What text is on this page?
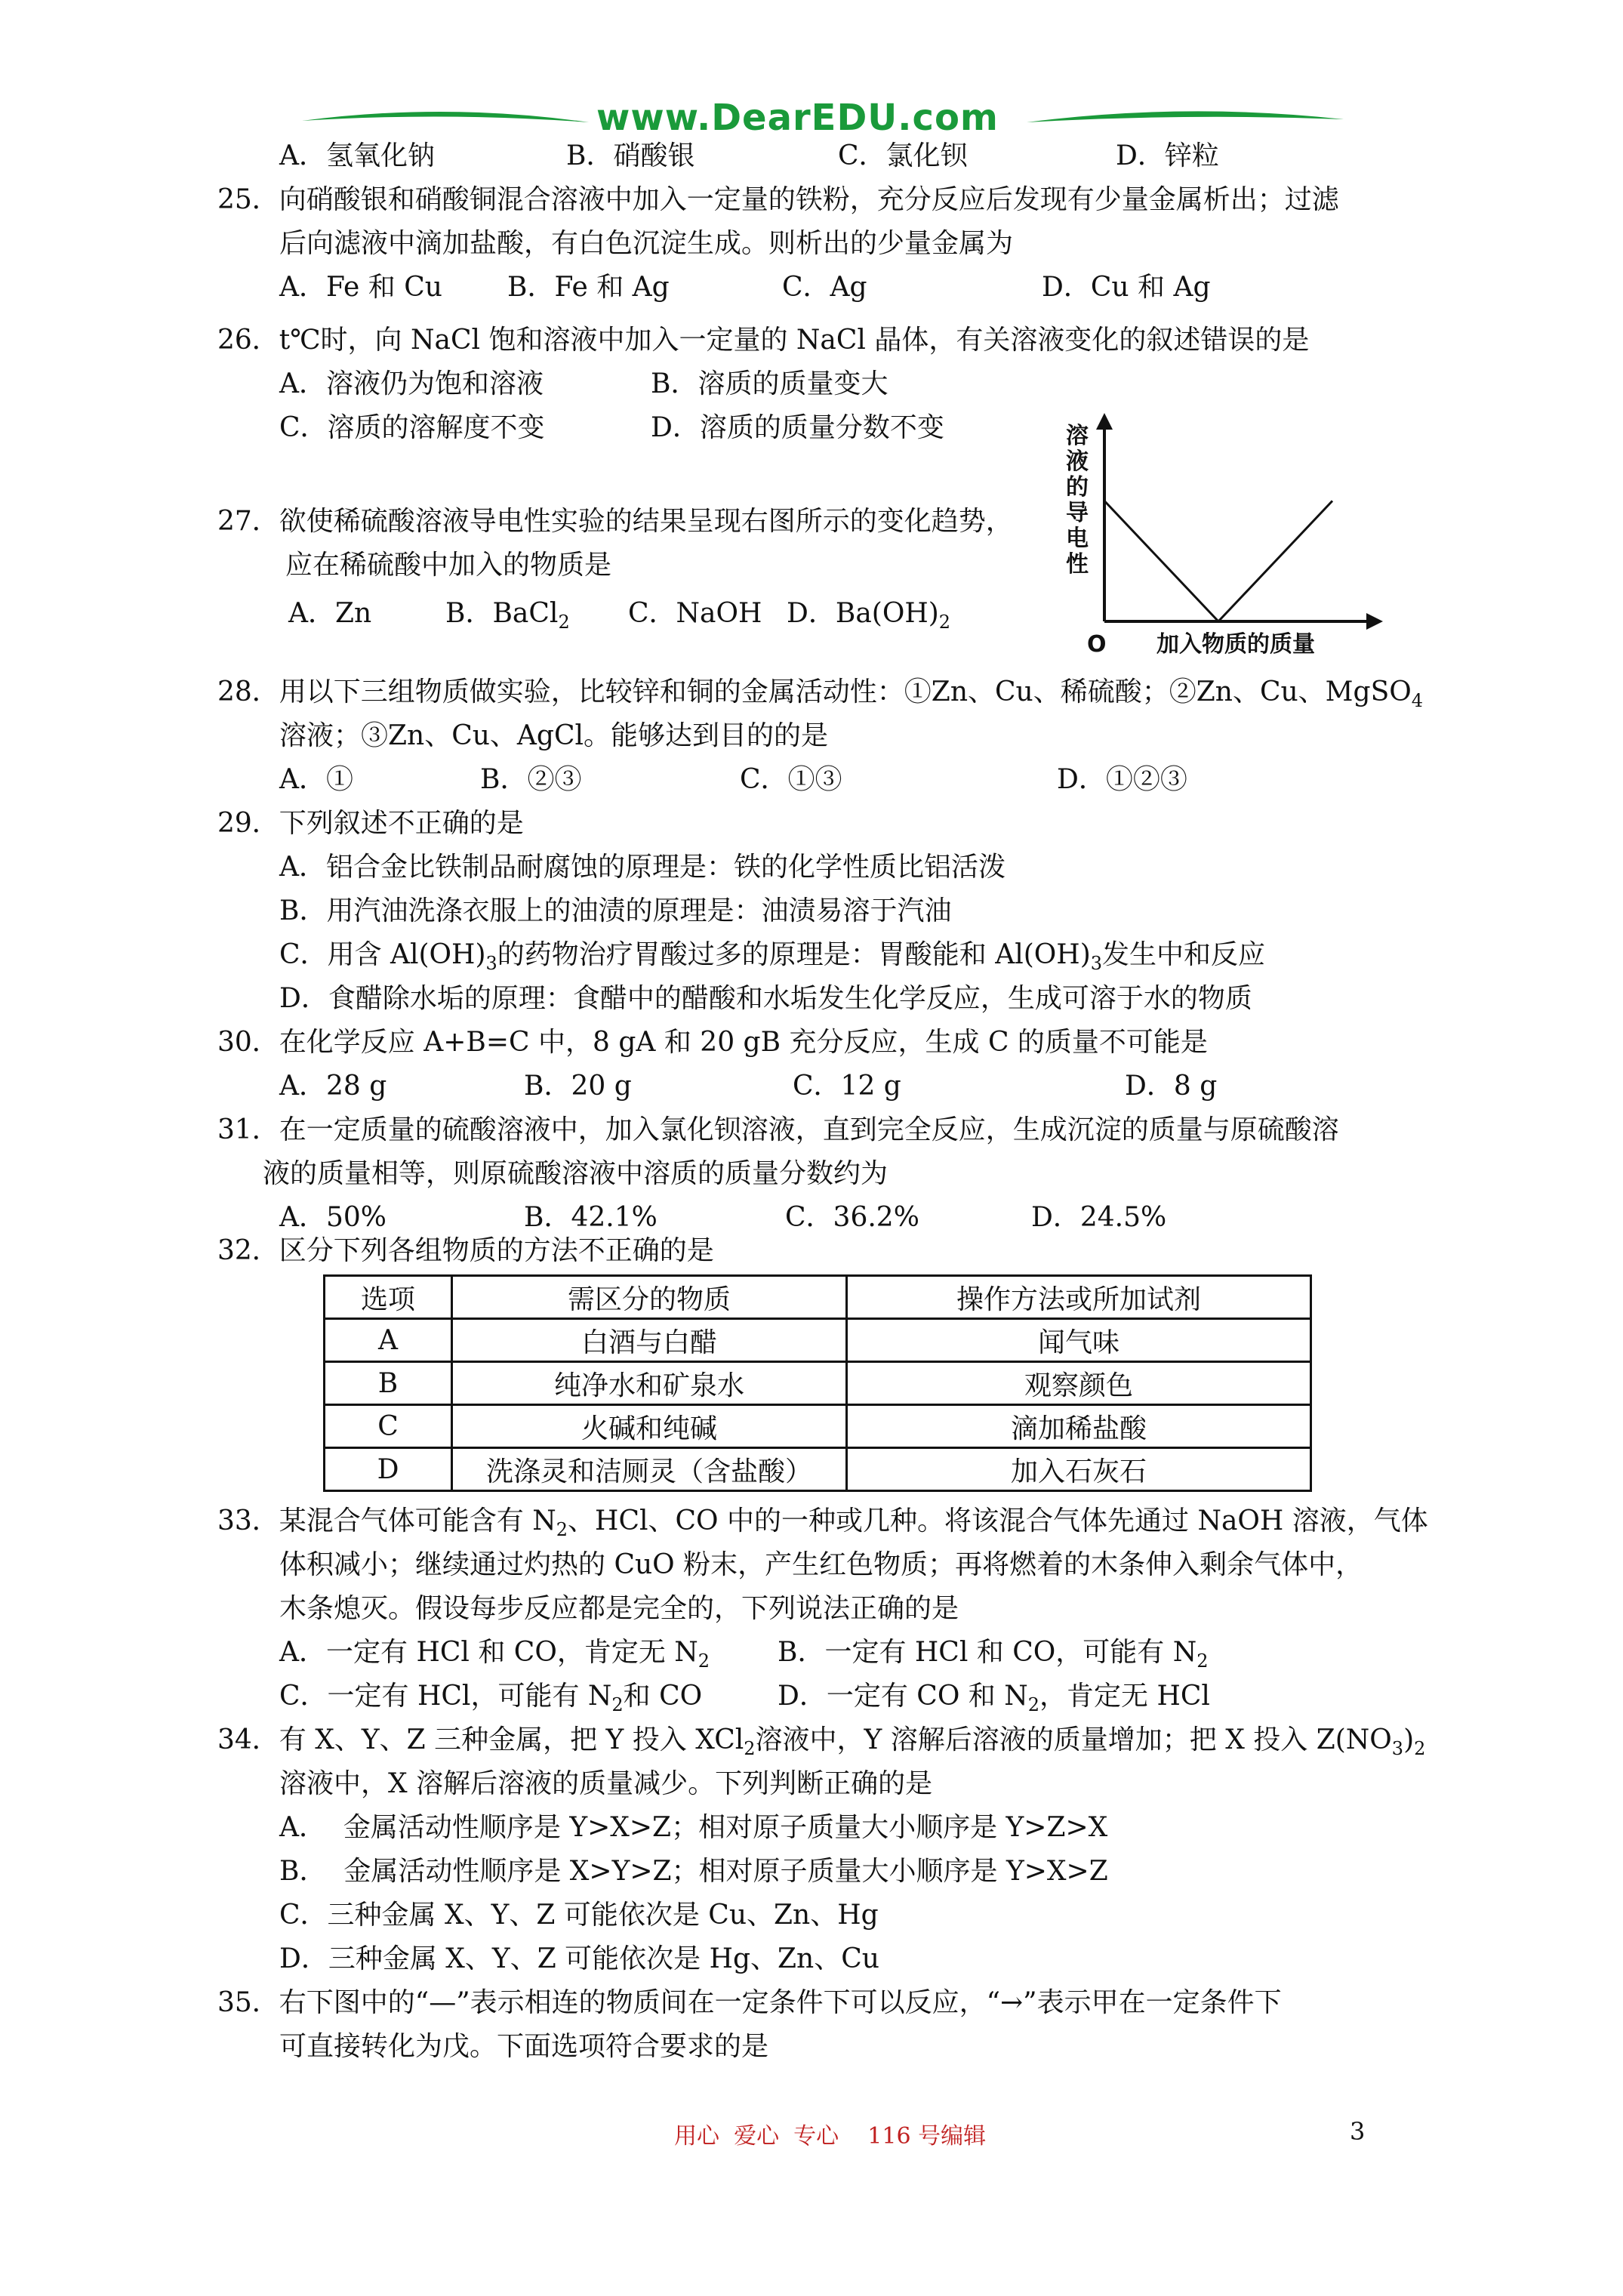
www.DearEDU.com
A．氢氧化钠	B．硝酸银	C．氯化钡	D．锌粒
25．向硝酸银和硝酸铜混合溶液中加入一定量的铁粉，充分反应后发现有少量金属析出；过滤
后向滤液中滴加盐酸，有白色沉淀生成。则析出的少量金属为
A．Fe 和 Cu B．Fe 和 Ag	C．Ag	D．Cu 和 Ag
26．t℃时，向 NaCl 饱和溶液中加入一定量的 NaCl 晶体，有关溶液变化的叙述错误的是
A．溶液仍为饱和溶液	B．溶质的质量变大
C．溶质的溶解度不变	D．溶质的质量分数不变
27．欲使稀硫酸溶液导电性实验的结果呈现右图所示的变化趋势，
应在稀硫酸中加入的物质是
A．Zn	B．BaCl$_2$ C．NaOH D．$Ba(OH)_2$
溶
液
的
导
电
性
O 加入物质的质量
28．用以下三组物质做实验，比较锌和铜的金属活动性：①Zn、Cu、稀硫酸；②Zn、Cu、MgSO$_4$
溶液；③Zn、Cu、AgCl。能够达到目的的是
A．①	B．②③	C．①③	D．①②③
29．下列叙述不正确的是
A．铝合金比铁制品耐腐蚀的原理是：铁的化学性质比铝活泼
B．用汽油洗涤衣服上的油渍的原理是：油渍易溶于汽油
C．用含 $Al(OH)_3$的药物治疗胃酸过多的原理是：胃酸能和 $Al(OH)_3$发生中和反应
D．食醋除水垢的原理：食醋中的醋酸和水垢发生化学反应，生成可溶于水的物质
30．在化学反应 A+B=C 中，8 gA 和 20 gB 充分反应，生成 C 的质量不可能是
A．28 g	B．20 g	C．12 g	D．8 g
31．在一定质量的硫酸溶液中，加入氯化钡溶液，直到完全反应，生成沉淀的质量与原硫酸溶
液的质量相等，则原硫酸溶液中溶质的质量分数约为
A．50%	B．42.1%	C．36.2%	D．24.5%
32．区分下列各组物质的方法不正确的是
选项	需区分的物质	操作方法或所加试剂
A	白酒与白醋	闻气味
B	纯净水和矿泉水	观察颜色
C	火碱和纯碱	滴加稀盐酸
D	洗涤灵和洁厕灵（含盐酸）	加入石灰石
33．某混合气体可能含有 $N_2$、HCl、CO 中的一种或几种。将该混合气体先通过 NaOH 溶液，气体
体积减小；继续通过灼热的 CuO 粉末，产生红色物质；再将燃着的木条伸入剩余气体中，
木条熄灭。假设每步反应都是完全的，下列说法正确的是
A．一定有 HCl 和 CO，肯定无 $N_2$ B．一定有 HCl 和 CO，可能有 $N_2$
C．一定有 HCl，可能有 $N_2$和 CO	D．一定有 CO 和 $N_2$，肯定无 HCl
34．有 X、Y、Z 三种金属，把 Y 投入 XCl$_2$溶液中，Y 溶解后溶液的质量增加；把 X 投入 $Z(NO_3)_2$
溶液中，X 溶解后溶液的质量减少。下列判断正确的是
A．  金属活动性顺序是 Y>X>Z；相对原子质量大小顺序是 Y>Z>X
B．  金属活动性顺序是 X>Y>Z；相对原子质量大小顺序是 Y>X>Z
C．三种金属 X、Y、Z 可能依次是 Cu、Zn、Hg
D．三种金属 X、Y、Z 可能依次是 Hg、Zn、Cu
35．右下图中的“—”表示相连的物质间在一定条件下可以反应，“→”表示甲在一定条件下
可直接转化为戊。下面选项符合要求的是
用心  爱心  专心    116 号编辑	3
